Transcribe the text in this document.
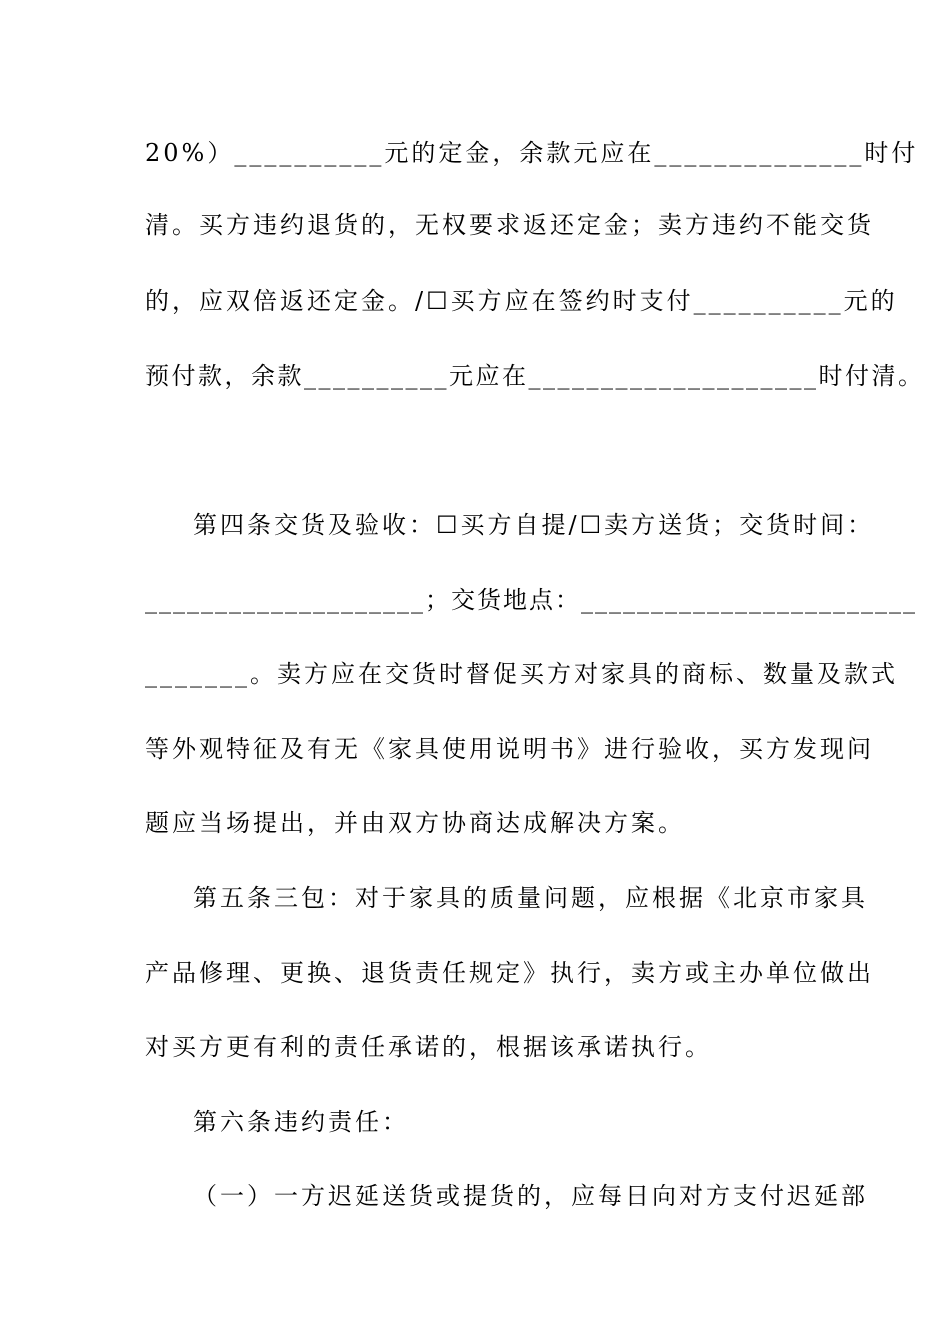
20%）__________元的定金，余款元应在______________时付
清。买方违约退货的，无权要求返还定金；卖方违约不能交货
的，应双倍返还定金。/☐买方应在签约时支付__________元的
预付款，余款__________元应在____________________时付清。
第四条交货及验收：☐买方自提/☐卖方送货；交货时间：
____________________；交货地点：________________________
_______。卖方应在交货时督促买方对家具的商标、数量及款式
等外观特征及有无《家具使用说明书》进行验收，买方发现问
题应当场提出，并由双方协商达成解决方案。
第五条三包：对于家具的质量问题，应根据《北京市家具
产品修理、更换、退货责任规定》执行，卖方或主办单位做出
对买方更有利的责任承诺的，根据该承诺执行。
第六条违约责任：
（一）一方迟延送货或提货的，应每日向对方支付迟延部
